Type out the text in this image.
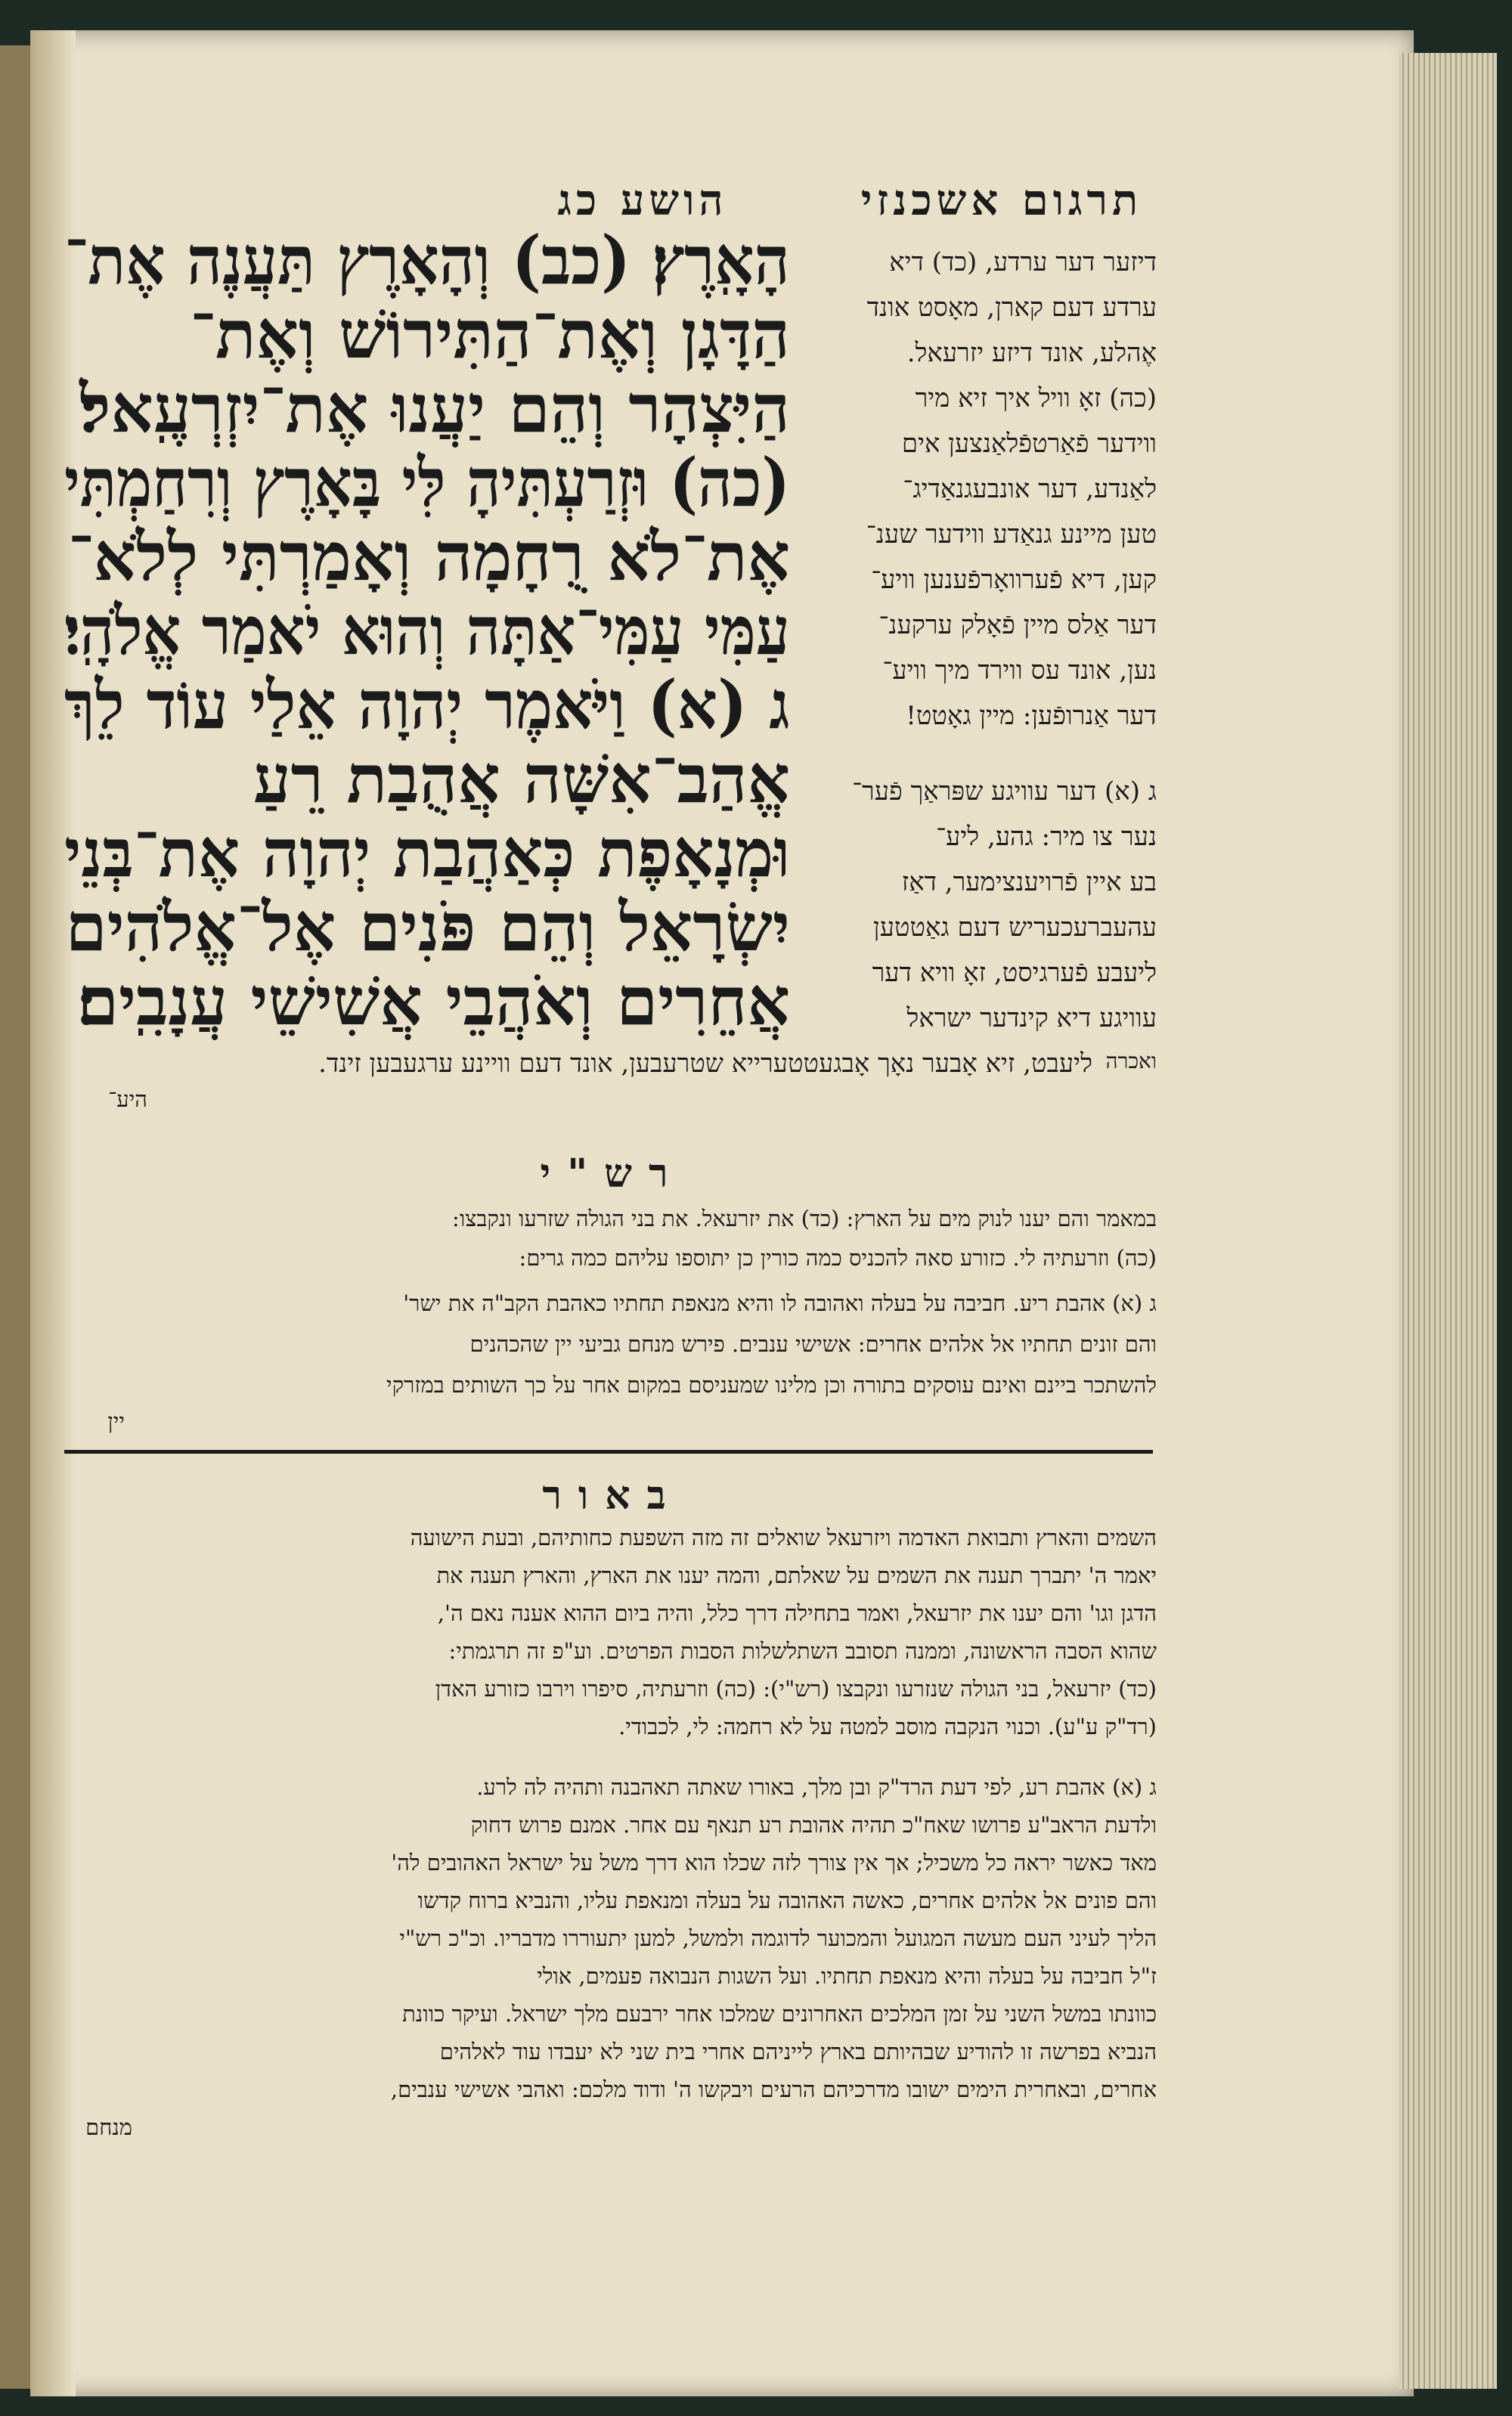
הושע כג	תרגום אשכנזי
הָאָֽרֶץ׃ (כב) וְהָאָרֶץ תַּעֲנֶה אֶת־
הַדָּגָן וְאֶת־הַתִּירוֹשׁ וְאֶת־
הַיִּצְהָר וְהֵם יַעֲנוּ אֶת־יִזְרְעֶֽאל׃
(כה) וּזְרַעְתִּיהָ לִּי בָּאָרֶץ וְרִחַמְתִּי
אֶת־לֹא רֻחָמָה וְאָמַרְתִּי לְלֹא־
עַמִּי עַמִּי־אַתָּה וְהוּא יֹאמַר אֱלֹהָֽי׃
ג (א) וַיֹּאמֶר יְהוָה אֵלַי עוֹד לֵךְ
אֱהַב־אִשָּׁה אֲהֻבַת רֵעַ
וּמְנָאָפֶת כְּאַהֲבַת יְהוָה אֶת־בְּנֵי
יִשְׂרָאֵל וְהֵם פֹּנִים אֶל־אֱלֹהִים
אֲחֵרִים וְאֹהֲבֵי אֲשִׁישֵׁי עֲנָבִֽים׃
דיזער דער ערדע, (כד) דיא
ערדע דעם קארן, מאָסט אונד
אֶהלע, אונד דיזע יזרעאל.
(כה) זאָ וויל איך זיא מיר
ווידער פֿאַרטפֿלאַנצען אים
לאַנדע, דער אונבעגנאַדיג־
טען מיינע גנאַדע ווידער שענ־
קען, דיא פֿערוואָרפֿענען וויע־
דער אַלס מיין פֿאָלק ערקענ־
נען, אונד עס ווירד מיך וויע־
דער אַנרופֿען: מיין גאָטט!
ג (א) דער עוויגע שפּראַך פֿער־
נער צו מיר: גהע, ליע־
בע איין פֿרויענצימער, דאַז
עהעברעכעריש דעם גאַטטען
ליעבע פֿערגיסט, זאָ וויא דער
עוויגע דיא קינדער ישראל
ליעבט, זיא אָבער נאָך אָבגעטטערייא שטרעבען, אונד דעם וויינע ערגעבען זינד. ואכרה
היע־
רש"י
במאמר והם יענו לנוק מים על הארץ: (כד) את יזרעאל. את בני הגולה שזרעו ונקבצו:
(כה) וזרעתיה לי. כזורע סאה להכניס כמה כורין כן יתוספו עליהם כמה גרים:
ג (א) אהבת ריע. חביבה על בעלה ואהובה לו והיא מנאפת תחתיו כאהבת הקב"ה את ישר'
והם זונים תחתיו אל אלהים אחרים: אשישי ענבים. פירש מנחם גביעי יין שהכהנים
להשתכר ביינם ואינם עוסקים בתורה וכן מלינו שמעניסם במקום אחר על כך השותים במזרקי
יין
באור
השמים והארץ ותבואת האדמה ויזרעאל שואלים זה מזה השפעת כחותיהם, ובעת הישועה
יאמר ה' יתברך תענה את השמים על שאלתם, והמה יענו את הארץ, והארץ תענה את
הדגן וגו' והם יענו את יזרעאל, ואמר בתחילה דרך כלל, והיה ביום ההוא אענה נאם ה',
שהוא הסבה הראשונה, וממנה תסובב השתלשלות הסבות הפרטים. וע"פ זה תרגמתי:
(כד) יזרעאל, בני הגולה שנזרעו ונקבצו (רש"י): (כה) וזרעתיה, סיפרו וירבו כזורע האדן
(רד"ק ע"ע). וכנוי הנקבה מוסב למטה על לא רחמה: לי, לכבודי.
ג (א) אהבת רע, לפי דעת הרד"ק ובן מלך, באורו שאתה תאהבנה ותהיה לה לרע.
ולדעת הראב"ע פרושו שאח"כ תהיה אהובת רע תנאף עם אחר. אמנם פרוש דחוק
מאד כאשר יראה כל משכיל; אך אין צורך לזה שכלו הוא דרך משל על ישראל האהובים לה'
והם פונים אל אלהים אחרים, כאשה האהובה על בעלה ומנאפת עליו, והנביא ברוח קדשו
הליך לעיני העם מעשה המגועל והמכוער לדוגמה ולמשל, למען יתעוררו מדבריו. וכ"כ רש"י
ז"ל חביבה על בעלה והיא מנאפת תחתיו. ועל השגות הנבואה פעמים, אולי
כוונתו במשל השני על זמן המלכים האחרונים שמלכו אחר ירבעם מלך ישראל. ועיקר כוונת
הנביא בפרשה זו להודיע שבהיותם בארץ לייניהם אחרי בית שני לא יעבדו עוד לאלהים
אחרים, ובאחרית הימים ישובו מדרכיהם הרעים ויבקשו ה' ודוד מלכם: ואהבי אשישי ענבים,
מנחם
